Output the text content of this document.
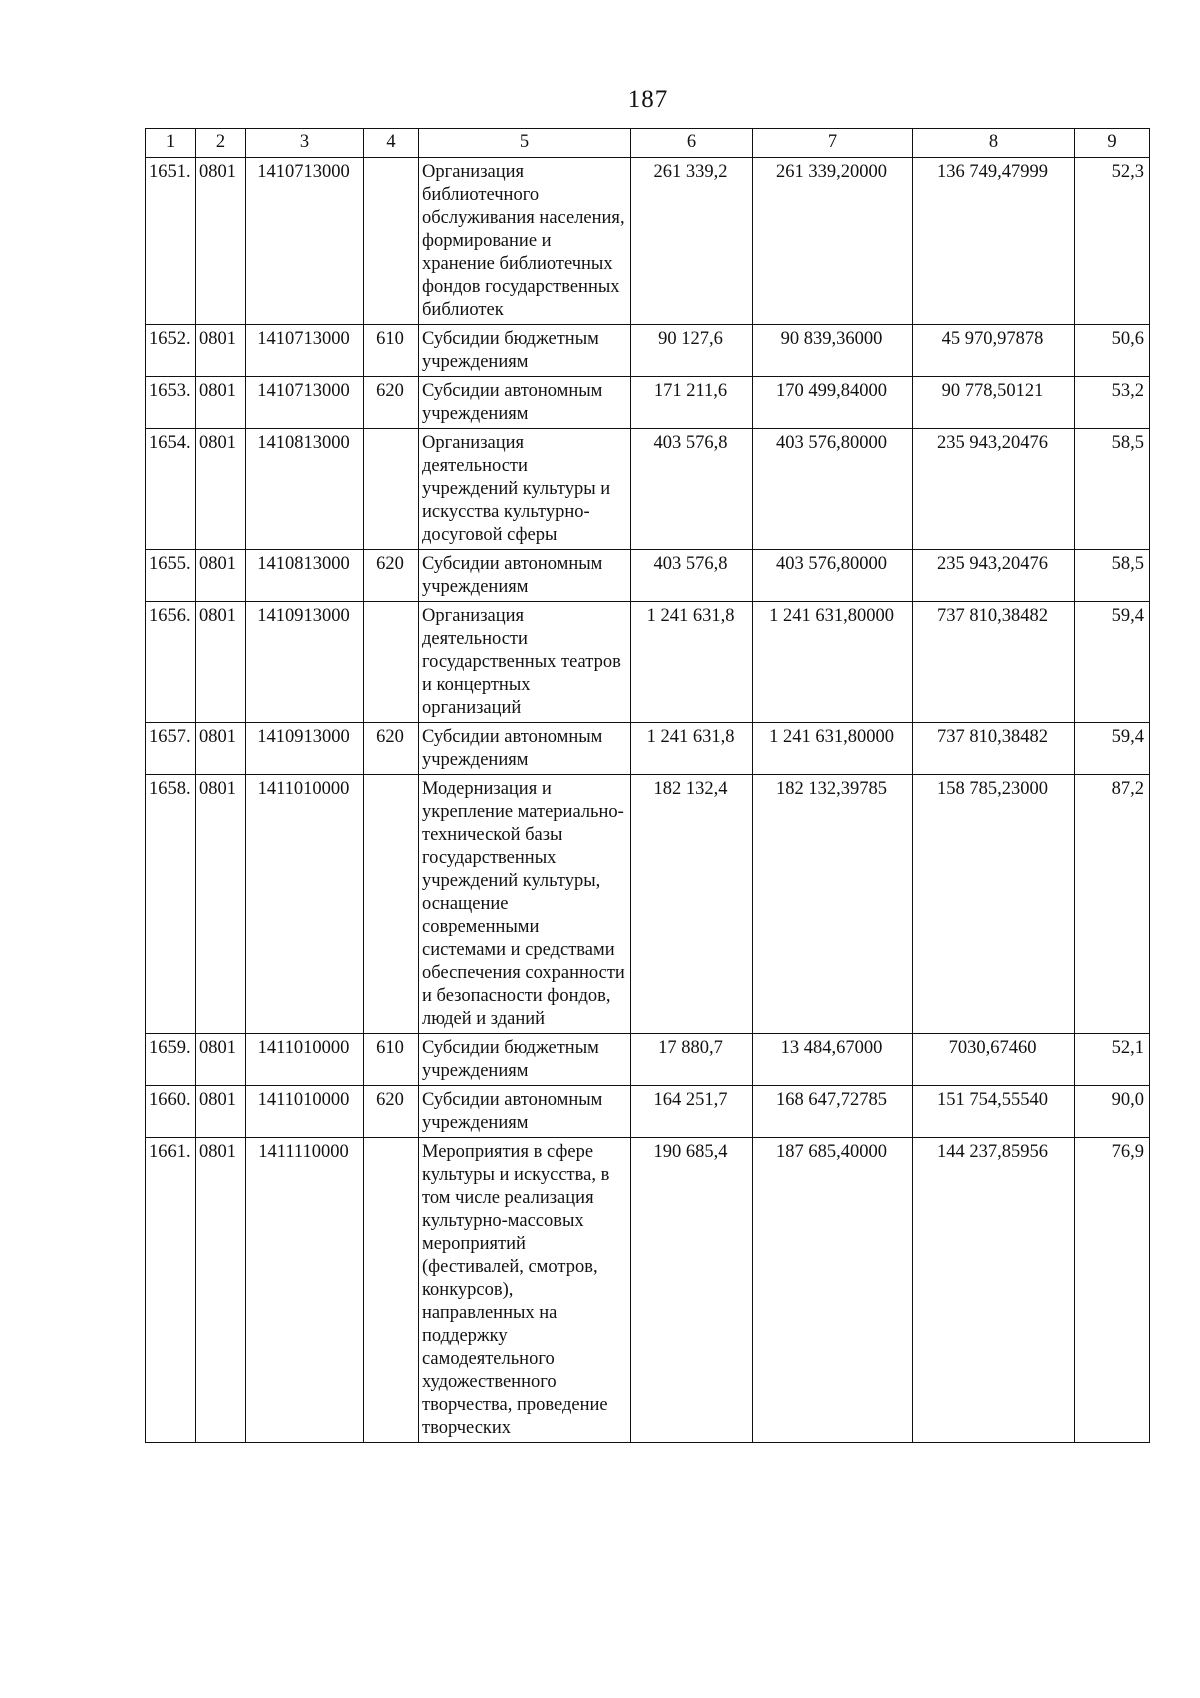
187
1	2	3	4	5	6	7	8	9
1651.	0801	1410713000		Организация библиотечного обслуживания населения, формирование и хранение библиотечных фондов государственных библиотек	261 339,2	261 339,20000	136 749,47999	52,3
1652.	0801	1410713000	610	Субсидии бюджетным учреждениям	90 127,6	90 839,36000	45 970,97878	50,6
1653.	0801	1410713000	620	Субсидии автономным учреждениям	171 211,6	170 499,84000	90 778,50121	53,2
1654.	0801	1410813000		Организация деятельности учреждений культуры и искусства культурно-досуговой сферы	403 576,8	403 576,80000	235 943,20476	58,5
1655.	0801	1410813000	620	Субсидии автономным учреждениям	403 576,8	403 576,80000	235 943,20476	58,5
1656.	0801	1410913000		Организация деятельности государственных театров и концертных организаций	1 241 631,8	1 241 631,80000	737 810,38482	59,4
1657.	0801	1410913000	620	Субсидии автономным учреждениям	1 241 631,8	1 241 631,80000	737 810,38482	59,4
1658.	0801	1411010000		Модернизация и укрепление материально-технической базы государственных учреждений культуры, оснащение современными системами и средствами обеспечения сохранности и безопасности фондов, людей и зданий	182 132,4	182 132,39785	158 785,23000	87,2
1659.	0801	1411010000	610	Субсидии бюджетным учреждениям	17 880,7	13 484,67000	7030,67460	52,1
1660.	0801	1411010000	620	Субсидии автономным учреждениям	164 251,7	168 647,72785	151 754,55540	90,0
1661.	0801	1411110000		Мероприятия в сфере культуры и искусства, в том числе реализация культурно-массовых мероприятий (фестивалей, смотров, конкурсов), направленных на поддержку самодеятельного художественного творчества, проведение творческих	190 685,4	187 685,40000	144 237,85956	76,9
